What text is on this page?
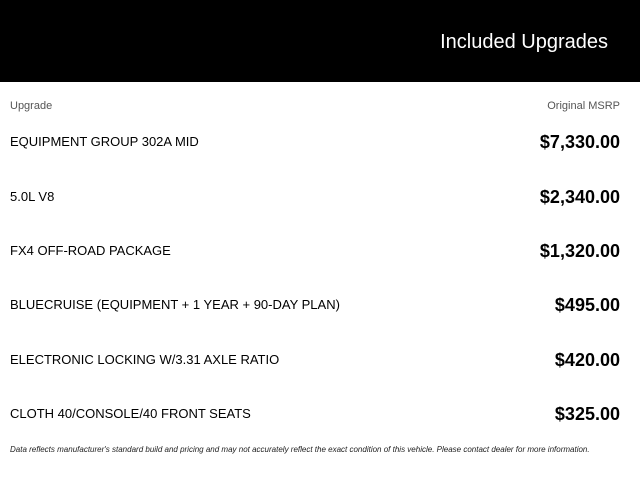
Included Upgrades
Upgrade	Original MSRP
EQUIPMENT GROUP 302A MID	$7,330.00
5.0L V8	$2,340.00
FX4 OFF-ROAD PACKAGE	$1,320.00
BLUECRUISE (EQUIPMENT + 1 YEAR + 90-DAY PLAN)	$495.00
ELECTRONIC LOCKING W/3.31 AXLE RATIO	$420.00
CLOTH 40/CONSOLE/40 FRONT SEATS	$325.00
Data reflects manufacturer's standard build and pricing and may not accurately reflect the exact condition of this vehicle. Please contact dealer for more information.
